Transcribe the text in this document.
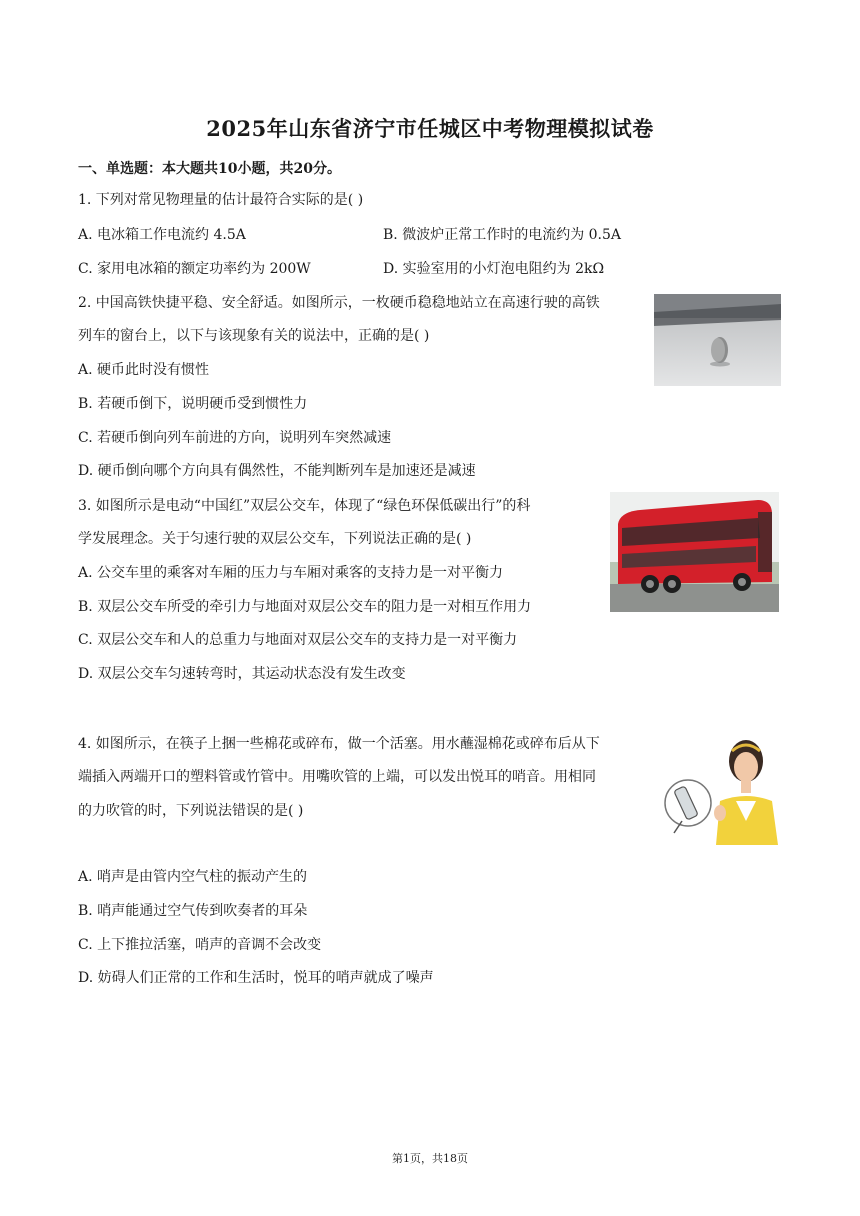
2025年山东省济宁市任城区中考物理模拟试卷
一、单选题：本大题共10小题，共20分。
1. 下列对常见物理量的估计最符合实际的是( )
A. 电冰箱工作电流约 4.5A	B. 微波炉正常工作时的电流约为 0.5A
C. 家用电冰箱的额定功率约为 200W	D. 实验室用的小灯泡电阻约为 2kΩ
2. 中国高铁快捷平稳、安全舒适。如图所示，一枚硬币稳稳地站立在高速行驶的高铁
列车的窗台上，以下与该现象有关的说法中，正确的是( )
A. 硬币此时没有惯性
B. 若硬币倒下，说明硬币受到惯性力
C. 若硬币倒向列车前进的方向，说明列车突然减速
D. 硬币倒向哪个方向具有偶然性，不能判断列车是加速还是减速
3. 如图所示是电动“中国红”双层公交车，体现了“绿色环保低碳出行”的科
学发展理念。关于匀速行驶的双层公交车，下列说法正确的是( )
A. 公交车里的乘客对车厢的压力与车厢对乘客的支持力是一对平衡力
B. 双层公交车所受的牵引力与地面对双层公交车的阻力是一对相互作用力
C. 双层公交车和人的总重力与地面对双层公交车的支持力是一对平衡力
D. 双层公交车匀速转弯时，其运动状态没有发生改变
4. 如图所示，在筷子上捆一些棉花或碎布，做一个活塞。用水蘸湿棉花或碎布后从下
端插入两端开口的塑料管或竹管中。用嘴吹管的上端，可以发出悦耳的哨音。用相同
的力吹管的时，下列说法错误的是( )
A. 哨声是由管内空气柱的振动产生的
B. 哨声能通过空气传到吹奏者的耳朵
C. 上下推拉活塞，哨声的音调不会改变
D. 妨碍人们正常的工作和生活时，悦耳的哨声就成了噪声
第1页，共18页
